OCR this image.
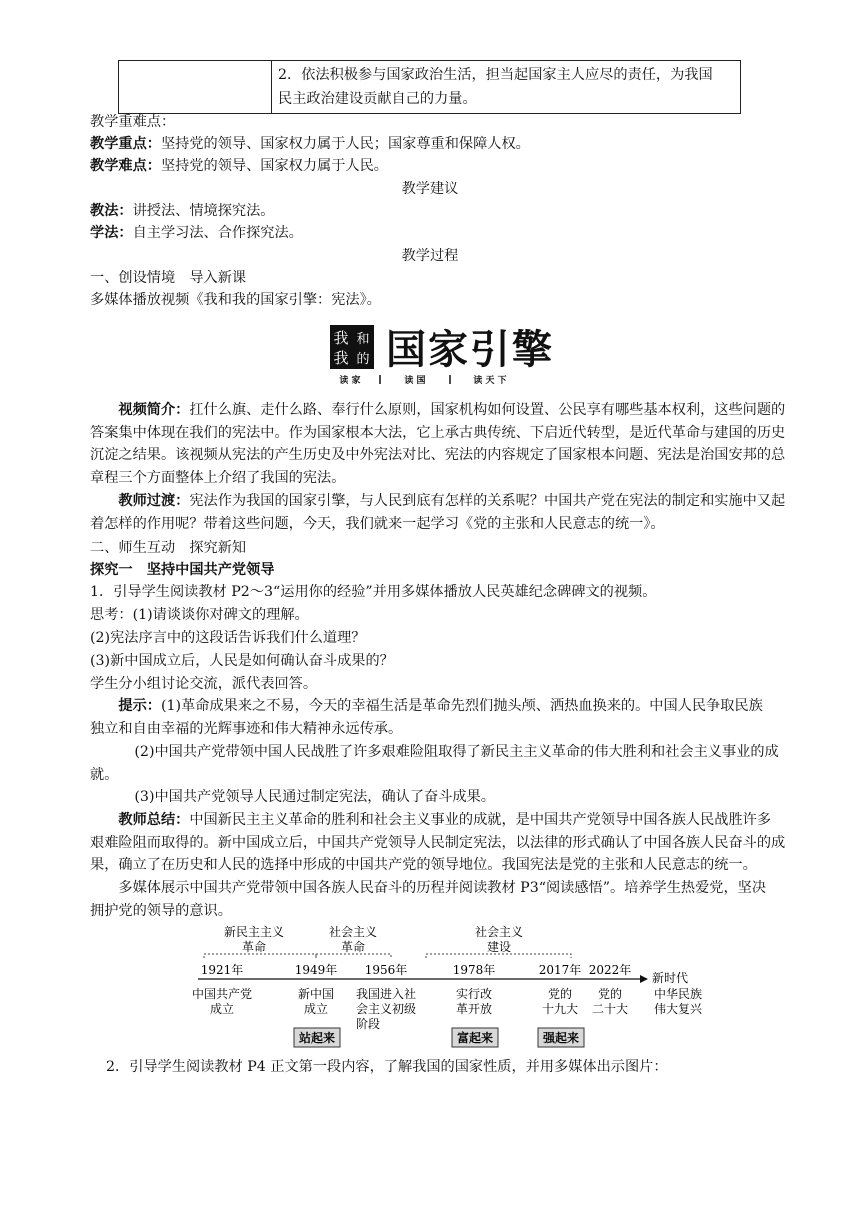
2．依法积极参与国家政治生活，担当起国家主人应尽的责任，为我国
民主政治建设贡献自己的力量。
教学重难点：
教学重点：坚持党的领导、国家权力属于人民；国家尊重和保障人权。
教学难点：坚持党的领导、国家权力属于人民。
教学建议
教法：讲授法、情境探究法。
学法：自主学习法、合作探究法。
教学过程
一、创设情境　导入新课
多媒体播放视频《我和我的国家引擎：宪法》。
我 和
我 的 国家引擎
读 家	读 国	读 天 下
视频简介：扛什么旗、走什么路、奉行什么原则，国家机构如何设置、公民享有哪些基本权利，这些问题的
答案集中体现在我们的宪法中。作为国家根本大法，它上承古典传统、下启近代转型，是近代革命与建国的历史
沉淀之结果。该视频从宪法的产生历史及中外宪法对比、宪法的内容规定了国家根本问题、宪法是治国安邦的总
章程三个方面整体上介绍了我国的宪法。
教师过渡：宪法作为我国的国家引擎，与人民到底有怎样的关系呢？中国共产党在宪法的制定和实施中又起
着怎样的作用呢？带着这些问题，今天，我们就来一起学习《党的主张和人民意志的统一》。
二、师生互动　探究新知
探究一　坚持中国共产党领导
1．引导学生阅读教材 P2～3“运用你的经验”并用多媒体播放人民英雄纪念碑碑文的视频。
思考：(1)请谈谈你对碑文的理解。
(2)宪法序言中的这段话告诉我们什么道理？
(3)新中国成立后，人民是如何确认奋斗成果的？
学生分小组讨论交流，派代表回答。
提示：(1)革命成果来之不易，今天的幸福生活是革命先烈们抛头颅、洒热血换来的。中国人民争取民族
独立和自由幸福的光辉事迹和伟大精神永远传承。
(2)中国共产党带领中国人民战胜了许多艰难险阻取得了新民主主义革命的伟大胜利和社会主义事业的成
就。
(3)中国共产党领导人民通过制定宪法，确认了奋斗成果。
教师总结：中国新民主主义革命的胜利和社会主义事业的成就，是中国共产党领导中国各族人民战胜许多
艰难险阻而取得的。新中国成立后，中国共产党领导人民制定宪法，以法律的形式确认了中国各族人民奋斗的成
果，确立了在历史和人民的选择中形成的中国共产党的领导地位。我国宪法是党的主张和人民意志的统一。
多媒体展示中国共产党带领中国各族人民奋斗的历程并阅读教材 P3“阅读感悟”。培养学生热爱党，坚决
拥护党的领导的意识。
新民主主义
革命
社会主义
革命
社会主义
建设
1921年	1949年 1956年	1978年	2017年 2022年
新时代
中国共产党
成立
新中国
成立
我国进入社
会主义初级
阶段
实行改
革开放
党的
十九大
党的
二十大
中华民族
伟大复兴
站起来	富起来	强起来
2．引导学生阅读教材 P4 正文第一段内容，了解我国的国家性质，并用多媒体出示图片：
